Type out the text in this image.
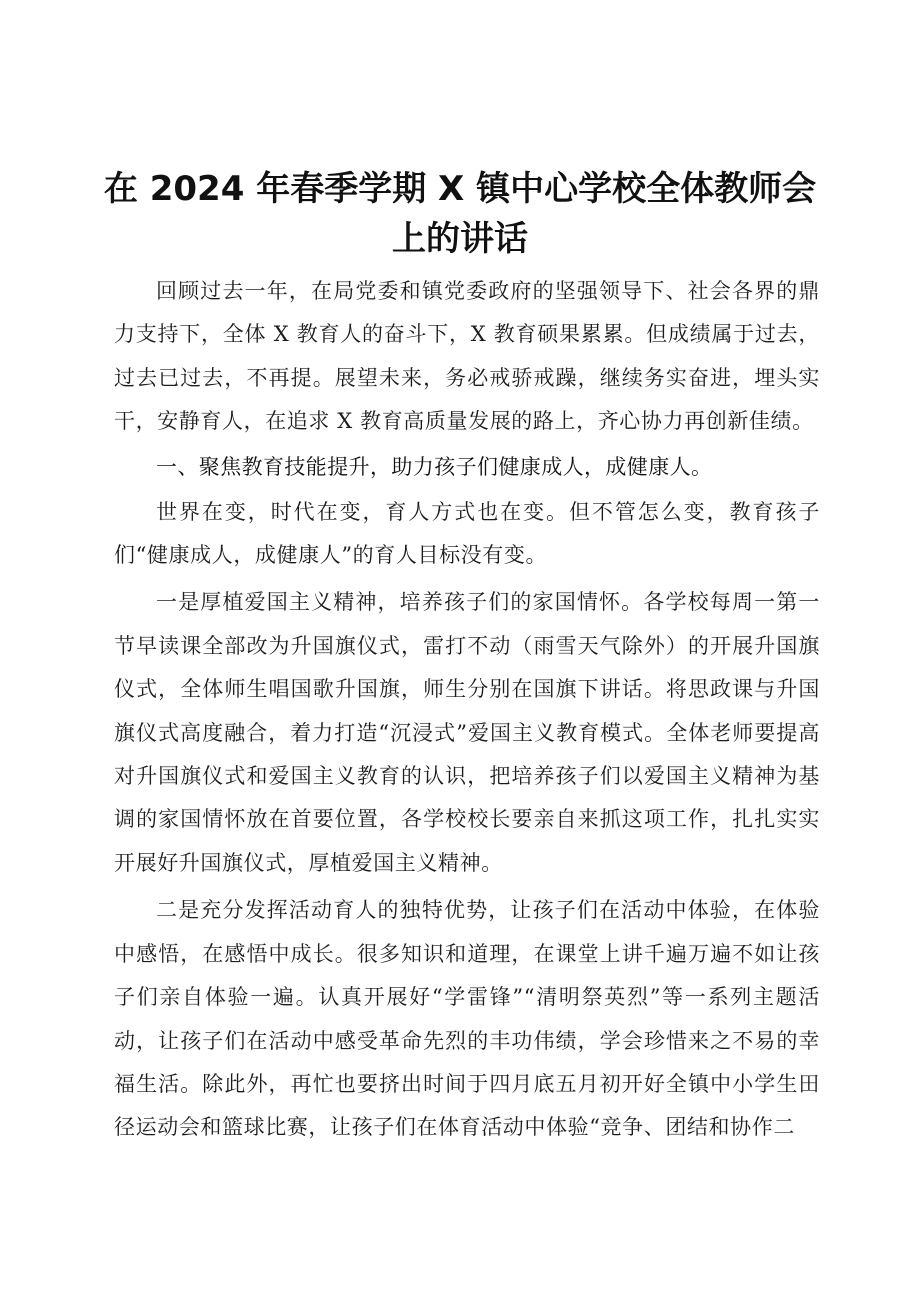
在 2024 年春季学期 X 镇中心学校全体教师会
上的讲话

回顾过去一年，在局党委和镇党委政府的坚强领导下、社会各界的鼎力支持下，全体 X 教育人的奋斗下，X 教育硕果累累。但成绩属于过去，过去已过去，不再提。展望未来，务必戒骄戒躁，继续务实奋进，埋头实干，安静育人，在追求 X 教育高质量发展的路上，齐心协力再创新佳绩。

一、聚焦教育技能提升，助力孩子们健康成人，成健康人。

世界在变，时代在变，育人方式也在变。但不管怎么变，教育孩子们“健康成人，成健康人”的育人目标没有变。

一是厚植爱国主义精神，培养孩子们的家国情怀。各学校每周一第一节早读课全部改为升国旗仪式，雷打不动（雨雪天气除外）的开展升国旗仪式，全体师生唱国歌升国旗，师生分别在国旗下讲话。将思政课与升国旗仪式高度融合，着力打造“沉浸式”爱国主义教育模式。全体老师要提高对升国旗仪式和爱国主义教育的认识，把培养孩子们以爱国主义精神为基调的家国情怀放在首要位置，各学校校长要亲自来抓这项工作，扎扎实实开展好升国旗仪式，厚植爱国主义精神。

二是充分发挥活动育人的独特优势，让孩子们在活动中体验，在体验中感悟，在感悟中成长。很多知识和道理，在课堂上讲千遍万遍不如让孩子们亲自体验一遍。认真开展好“学雷锋”“清明祭英烈”等一系列主题活动，让孩子们在活动中感受革命先烈的丰功伟绩，学会珍惜来之不易的幸福生活。除此外，再忙也要挤出时间于四月底五月初开好全镇中小学生田径运动会和篮球比赛，让孩子们在体育活动中体验“竞争、团结和协作二
